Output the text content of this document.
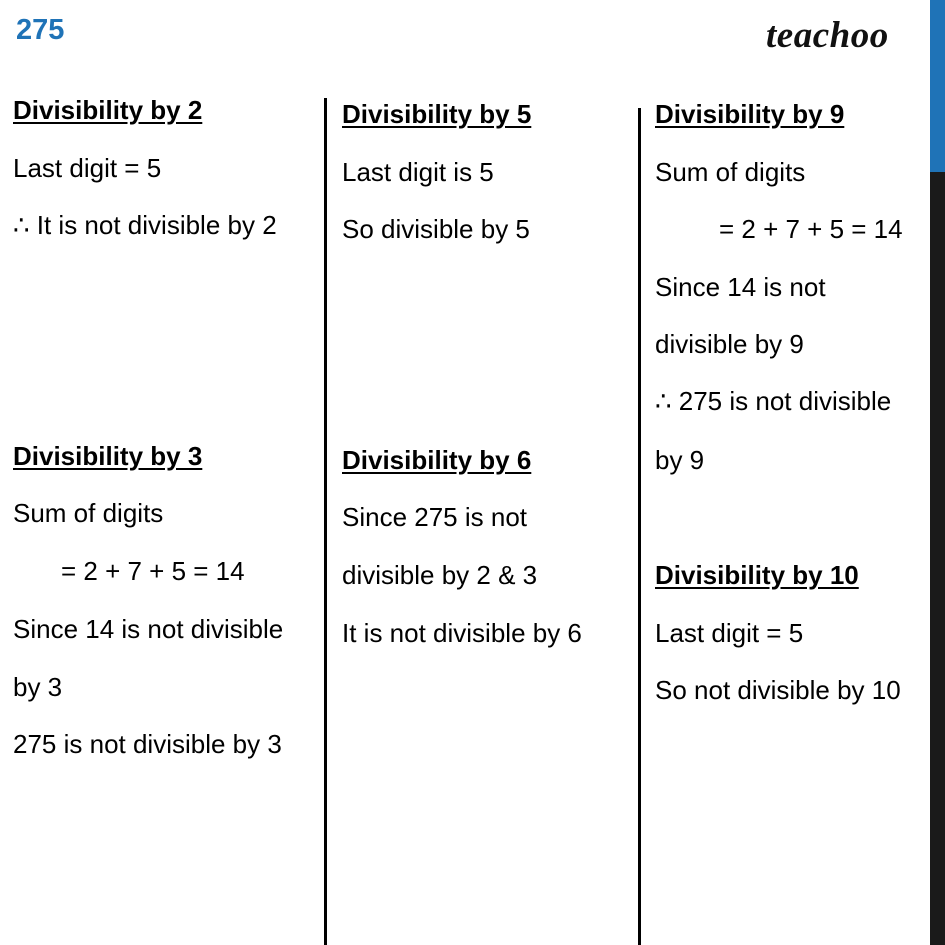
275	teachoo
Divisibility by 2
Last digit = 5
∴ It is not divisible by 2
Divisibility by 3
Sum of digits
= 2 + 7 + 5 = 14
Since 14 is not divisible
by 3
275 is not divisible by 3
Divisibility by 5
Last digit is 5
So divisible by 5
Divisibility by 6
Since 275 is not
divisible by 2 & 3
It is not divisible by 6
Divisibility by 9
Sum of digits
= 2 + 7 + 5 = 14
Since 14 is not
divisible by 9
∴ 275 is not divisible
by 9
Divisibility by 10
Last digit = 5
So not divisible by 10
